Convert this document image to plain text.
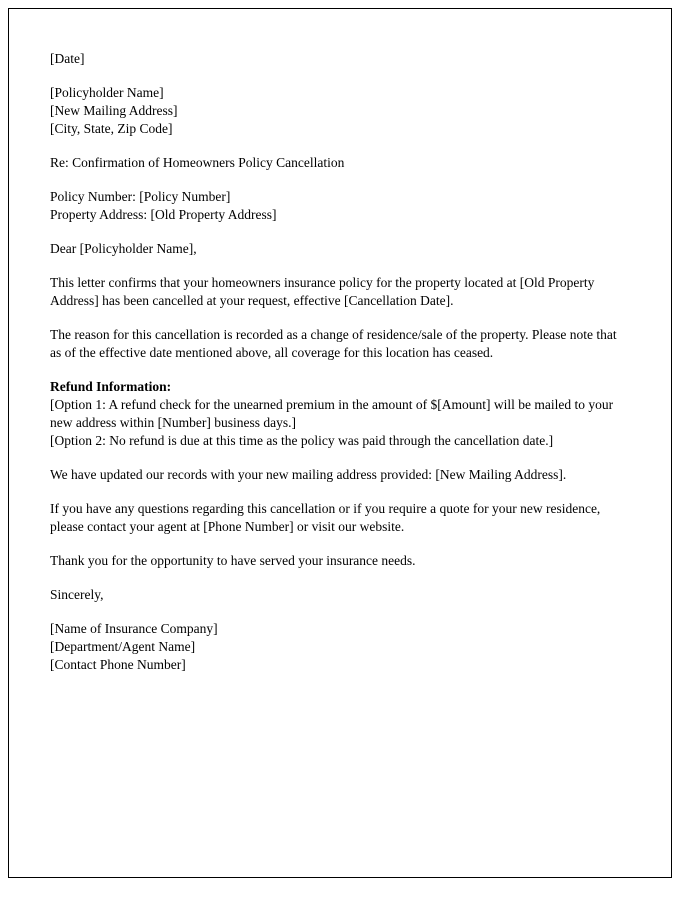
[Date]

[Policyholder Name]
[New Mailing Address]
[City, State, Zip Code]

Re: Confirmation of Homeowners Policy Cancellation

Policy Number: [Policy Number]
Property Address: [Old Property Address]

Dear [Policyholder Name],

This letter confirms that your homeowners insurance policy for the property located at [Old Property Address] has been cancelled at your request, effective [Cancellation Date].

The reason for this cancellation is recorded as a change of residence/sale of the property. Please note that as of the effective date mentioned above, all coverage for this location has ceased.

Refund Information:
[Option 1: A refund check for the unearned premium in the amount of $[Amount] will be mailed to your new address within [Number] business days.]
[Option 2: No refund is due at this time as the policy was paid through the cancellation date.]

We have updated our records with your new mailing address provided: [New Mailing Address].

If you have any questions regarding this cancellation or if you require a quote for your new residence, please contact your agent at [Phone Number] or visit our website.

Thank you for the opportunity to have served your insurance needs.

Sincerely,

[Name of Insurance Company]
[Department/Agent Name]
[Contact Phone Number]
